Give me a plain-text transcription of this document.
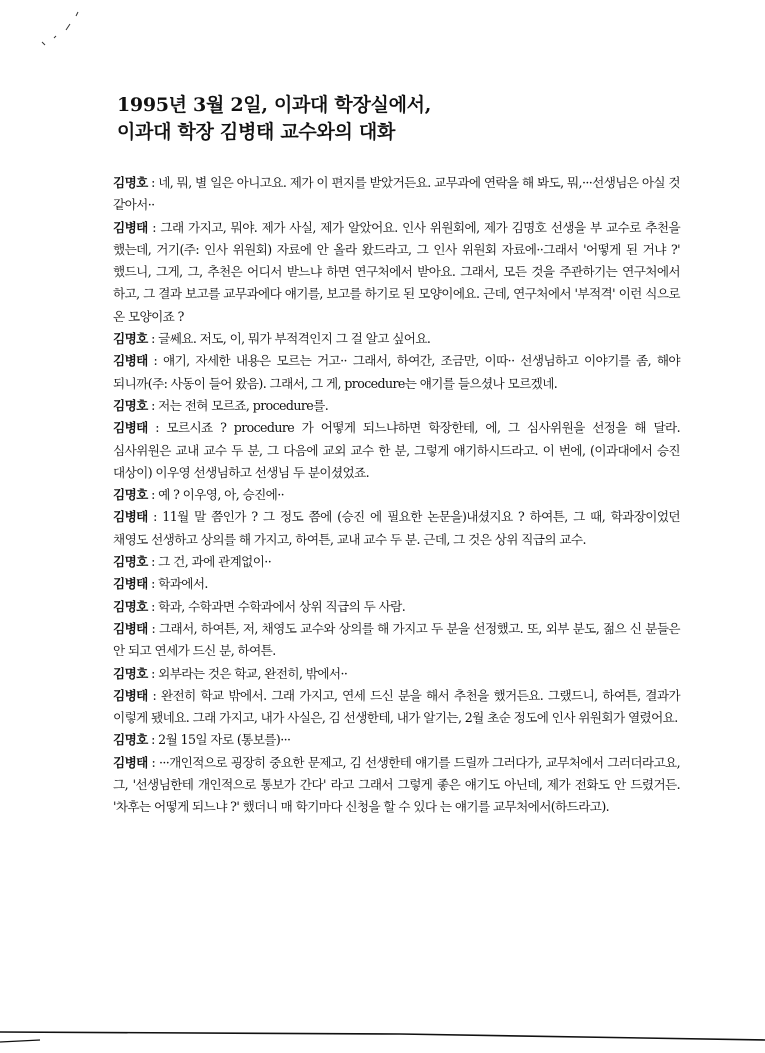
1995년 3월 2일, 이과대 학장실에서,
이과대 학장 김병태 교수와의 대화
김명호 : 네, 뭐, 별 일은 아니고요. 제가 이 편지를 받았거든요. 교무과에 연락을 해 봐도, 뭐,···선생님은 아실 것 같아서··
김병태 : 그래 가지고, 뭐야. 제가 사실, 제가 알았어요. 인사 위원회에, 제가 김명호 선생을 부 교수로 추천을 했는데, 거기(주: 인사 위원회) 자료에 안 올라 왔드라고, 그 인사 위원회 자료에··그래서 '어떻게 된 거냐 ?' 했드니, 그게, 그, 추천은 어디서 받느냐 하면 연구처에서 받아요. 그래서, 모든 것을 주관하기는 연구처에서 하고, 그 결과 보고를 교무과에다 얘기를, 보고를 하기로 된 모양이에요. 근데, 연구처에서 '부적격' 이런 식으로 온 모양이죠 ?
김명호 : 글쎄요. 저도, 이, 뭐가 부적격인지 그 걸 알고 싶어요.
김병태 : 얘기, 자세한 내용은 모르는 거고·· 그래서, 하여간, 조금만, 이따·· 선생님하고 이야기를 좀, 해야 되니까(주: 사동이 들어 왔음). 그래서, 그 게, procedure는 얘기를 들으셨나 모르겠네.
김명호 : 저는 전혀 모르죠, procedure를.
김병태 : 모르시죠 ? procedure 가 어떻게 되느냐하면 학장한테, 에, 그 심사위원을 선정을 해 달라. 심사위원은 교내 교수 두 분, 그 다음에 교외 교수 한 분, 그렇게 얘기하시드라고. 이 번에, (이과대에서 승진 대상이) 이우영 선생님하고 선생님 두 분이셨었죠.
김명호 : 예 ? 이우영, 아, 승진에··
김병태 : 11월 말 쯤인가 ? 그 정도 쯤에 (승진 에 필요한 논문을)내셨지요 ? 하여튼, 그 때, 학과장이었던 채영도 선생하고 상의를 해 가지고, 하여튼, 교내 교수 두 분. 근데, 그 것은 상위 직급의 교수.
김명호 : 그 건, 과에 관계없이··
김병태 : 학과에서.
김명호 : 학과, 수학과면 수학과에서 상위 직급의 두 사람.
김병태 : 그래서, 하여튼, 저, 채영도 교수와 상의를 해 가지고 두 분을 선정했고. 또, 외부 분도, 젊으 신 분들은 안 되고 연세가 드신 분, 하여튼.
김명호 : 외부라는 것은 학교, 완전히, 밖에서··
김병태 : 완전히 학교 밖에서. 그래 가지고, 연세 드신 분을 해서 추천을 했거든요. 그랬드니, 하여튼, 결과가 이렇게 됐네요. 그래 가지고, 내가 사실은, 김 선생한테, 내가 알기는, 2월 초순 정도에 인사 위원회가 열렸어요.
김명호 : 2월 15일 자로 (통보를)···
김병태 : ···개인적으로 굉장히 중요한 문제고, 김 선생한테 얘기를 드릴까 그러다가, 교무처에서 그러더라고요, 그, '선생님한테 개인적으로 통보가 간다' 라고 그래서 그렇게 좋은 얘기도 아닌데, 제가 전화도 안 드렸거든. '차후는 어떻게 되느냐 ?' 했더니 매 학기마다 신청을 할 수 있다 는 얘기를 교무처에서(하드라고).
